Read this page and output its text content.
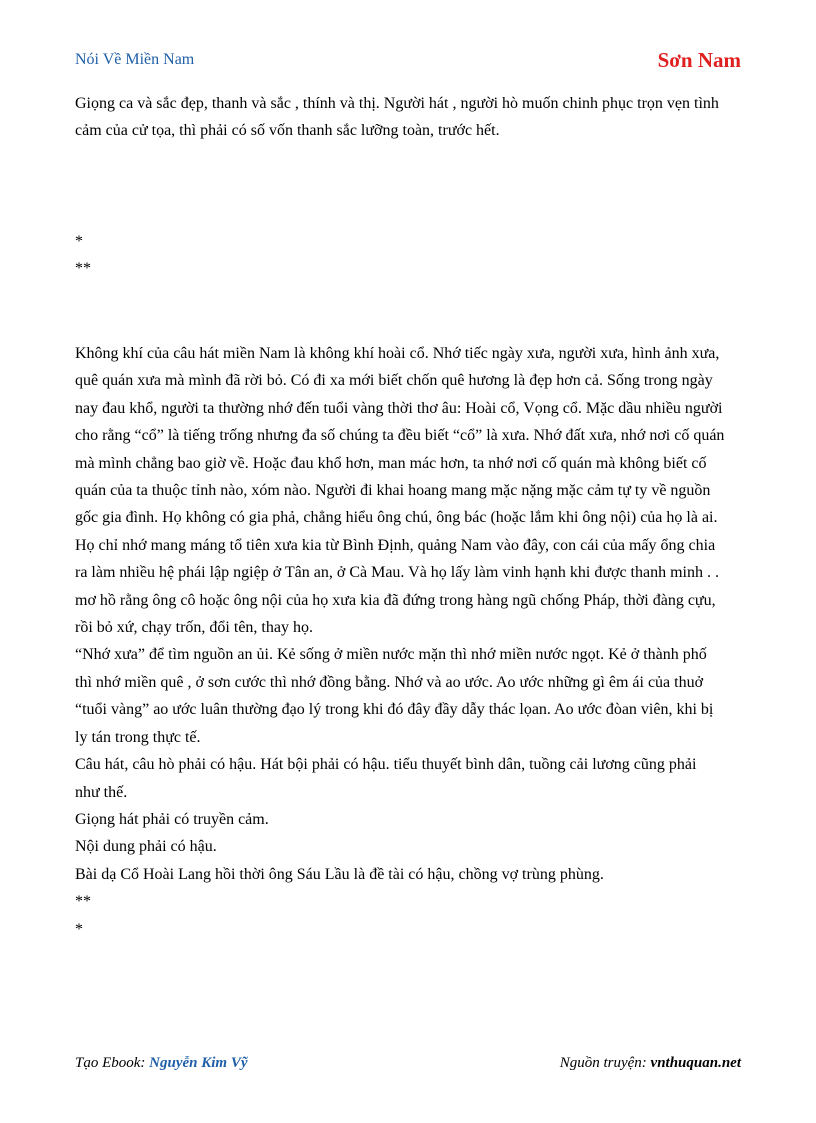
Nói Về Miền Nam	Sơn Nam

Giọng ca và sắc đẹp, thanh và sắc , thính và thị. Người hát , người hò muốn chinh phục trọn vẹn tình

cảm của cử tọa, thì phải có số vốn thanh sắc lưỡng toàn, trước hết.

*

**

Không khí của câu hát miền Nam là không khí hoài cổ. Nhớ tiếc ngày xưa, người xưa, hình ảnh xưa,

quê quán xưa mà mình đã rời bỏ. Có đi xa mới biết chốn quê hương là đẹp hơn cả. Sống trong ngày

nay đau khổ, người ta thường nhớ đến tuổi vàng thời thơ âu: Hoài cổ, Vọng cổ. Mặc dầu nhiều người

cho rằng “cổ” là tiếng trống nhưng đa số chúng ta đều biết “cổ” là xưa. Nhớ đất xưa, nhớ nơi cố quán

mà mình chẳng bao giờ về. Hoặc đau khổ hơn, man mác hơn, ta nhớ nơi cố quán mà không biết cố

quán của ta thuộc tỉnh nào, xóm nào. Người đi khai hoang mang mặc nặng mặc cảm tự ty về nguồn

gốc gia đình. Họ không có gia phả, chẳng hiểu ông chú, ông bác (hoặc lắm khi ông nội) của họ là ai.

Họ chỉ nhớ mang máng tổ tiên xưa kia từ Bình Định, quảng Nam vào đây, con cái của mấy ổng chia

ra làm nhiều hệ phái lập ngiệp ở Tân an, ở Cà Mau. Và họ lấy làm vinh hạnh khi được thanh minh . .

mơ hồ rằng ông cô hoặc ông nội của họ xưa kia đã đứng trong hàng ngũ chống Pháp, thời đàng cựu,

rồi bỏ xứ, chạy trốn, đổi tên, thay họ.

“Nhớ xưa” để tìm nguồn an ủi. Kẻ sống ở miền nước mặn thì nhớ miền nước ngọt. Kẻ ở thành phố

thì nhớ miền quê , ở sơn cước thì nhớ đồng bằng. Nhớ và ao ước. Ao ước những gì êm ái của thuở

“tuổi vàng” ao ước luân thường đạo lý trong khi đó đây đầy dẫy thác lọan. Ao ước đòan viên, khi bị

ly tán trong thực tế.

Câu hát, câu hò phải có hậu. Hát bội phải có hậu. tiểu thuyết bình dân, tuồng cải lương cũng phải

như thế.

Giọng hát phải có truyền cảm.

Nội dung phải có hậu.

Bài dạ Cổ Hoài Lang hồi thời ông Sáu Lầu là đề tài có hậu, chồng vợ trùng phùng.

**

*

Tạo Ebook: Nguyễn Kim Vỹ	Nguồn truyện: vnthuquan.net
